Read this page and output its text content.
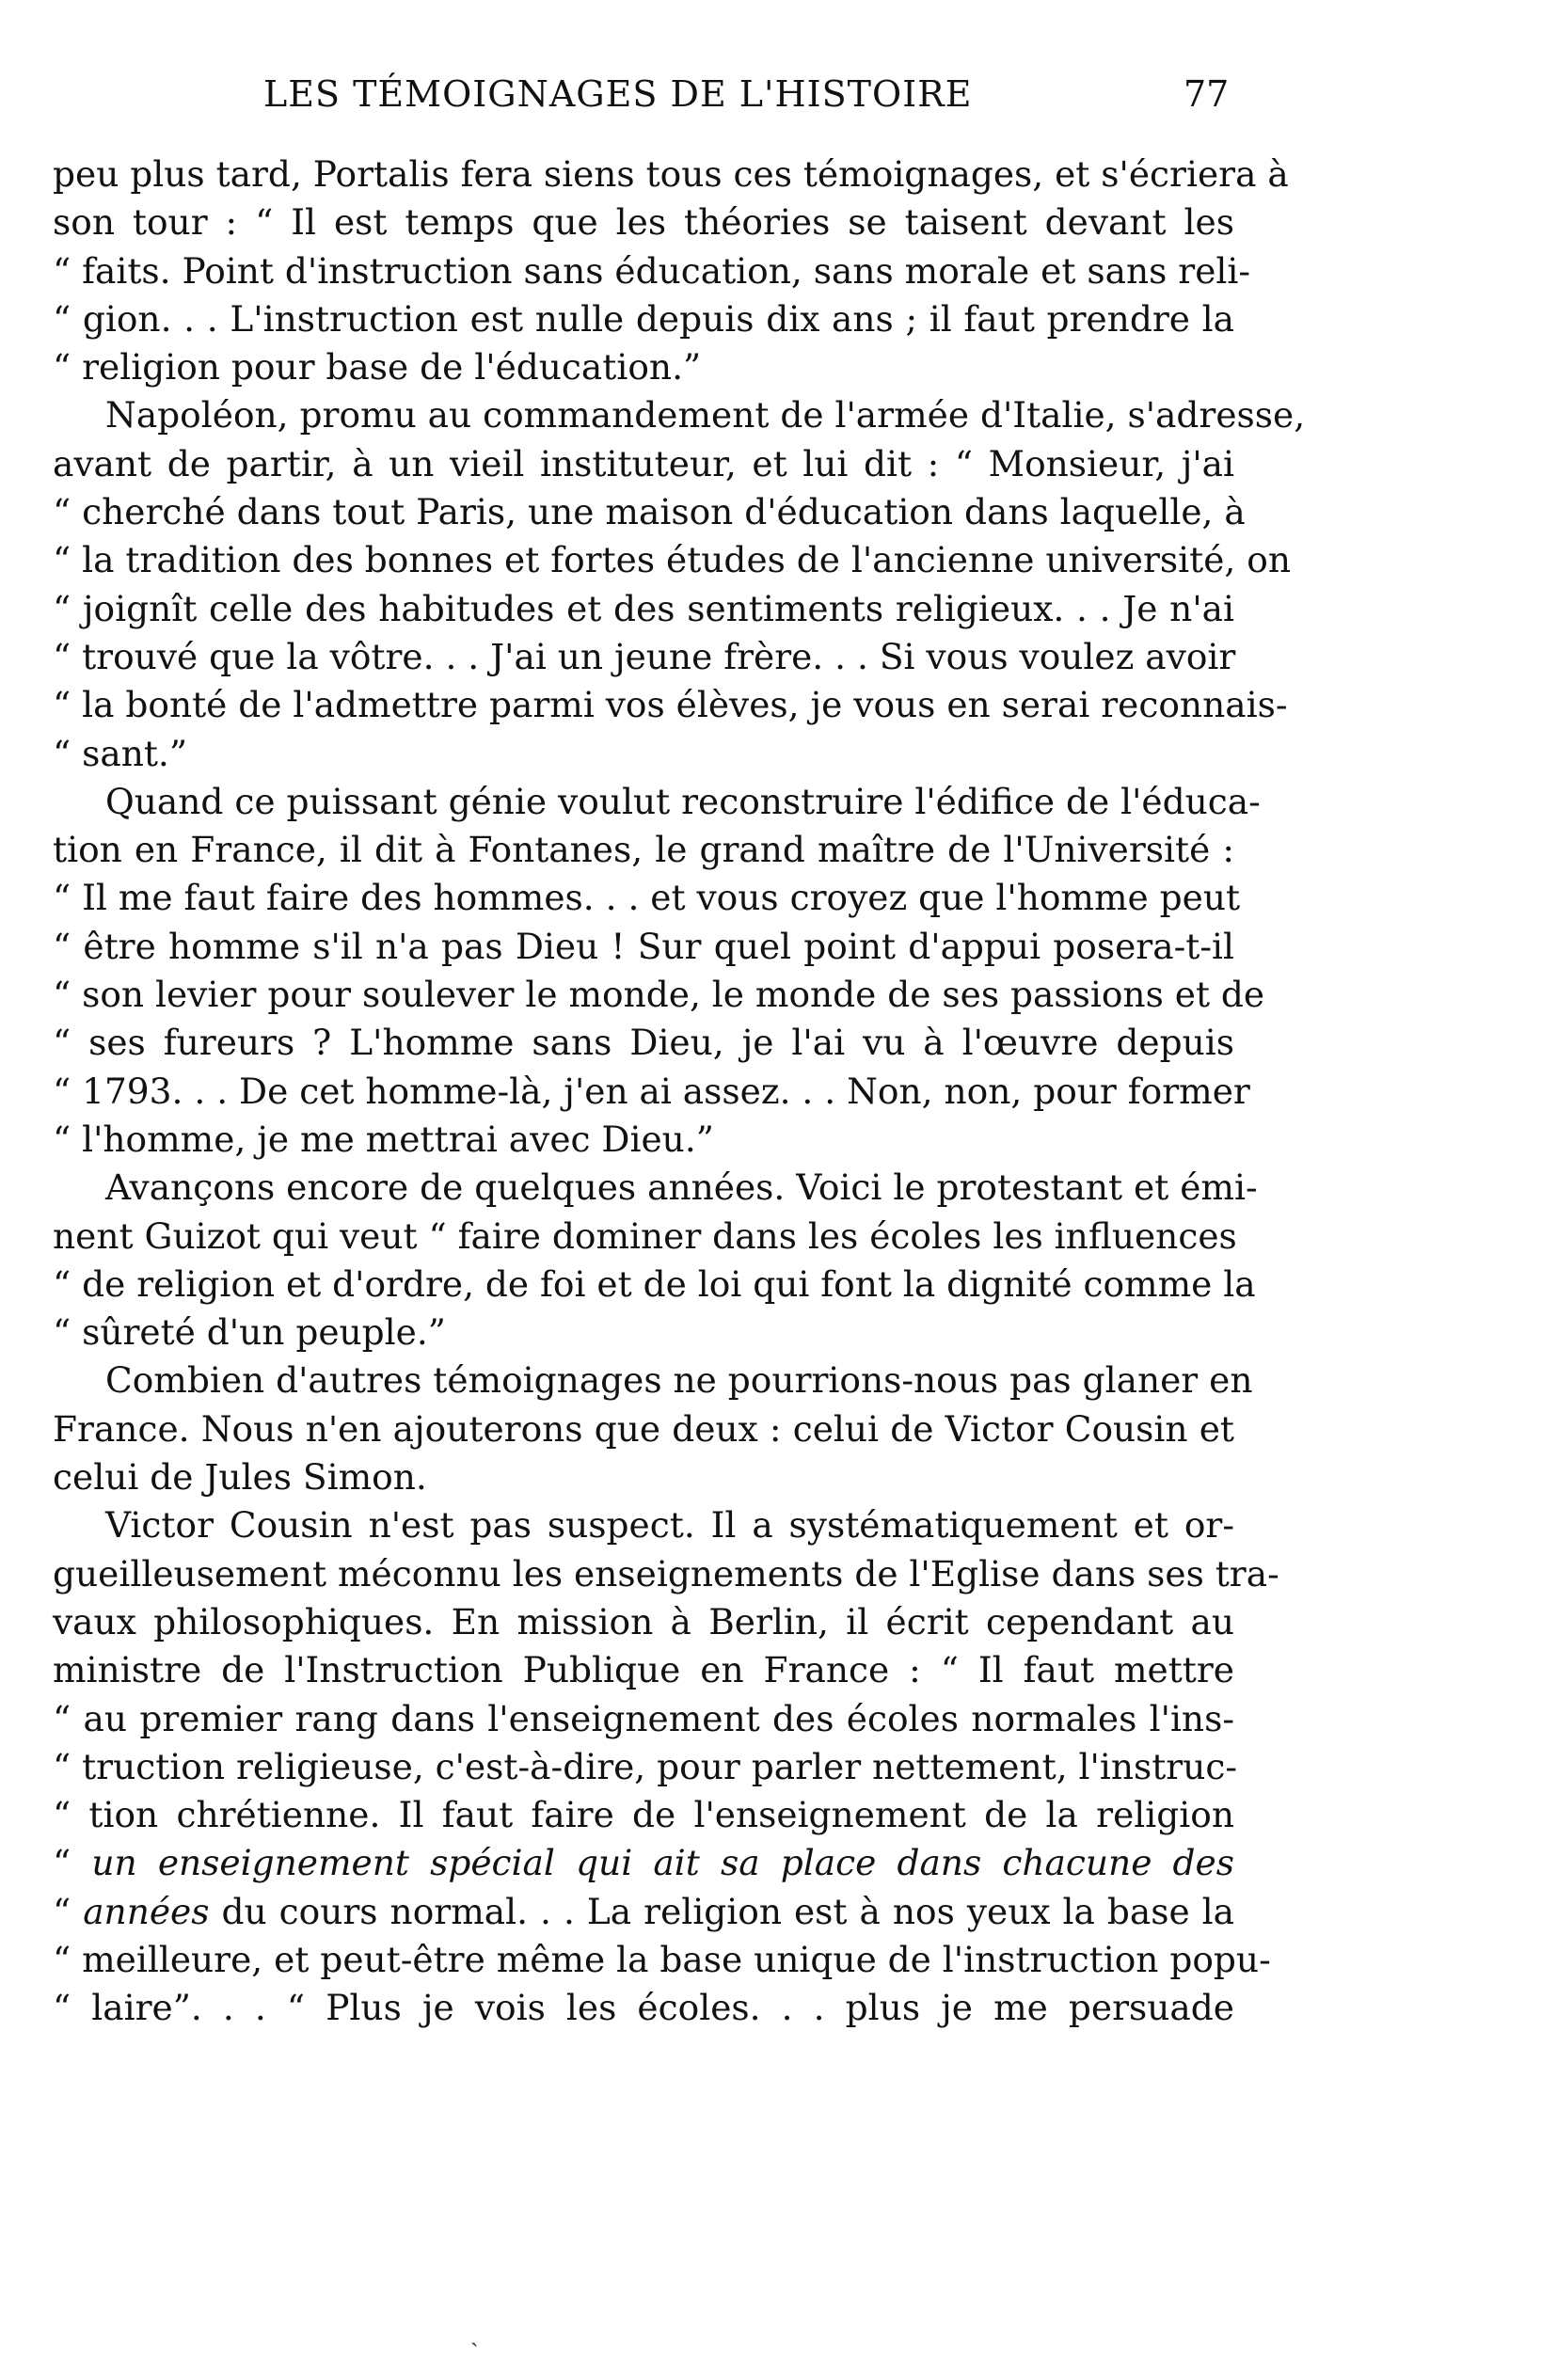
LES TÉMOIGNAGES DE L'HISTOIRE	77
peu plus tard, Portalis fera siens tous ces témoignages, et s'écriera à
son tour : “ Il est temps que les théories se taisent devant les
“ faits. Point d'instruction sans éducation, sans morale et sans reli-
“ gion. . . L'instruction est nulle depuis dix ans ; il faut prendre la
“ religion pour base de l'éducation.”
Napoléon, promu au commandement de l'armée d'Italie, s'adresse,
avant de partir, à un vieil instituteur, et lui dit : “ Monsieur, j'ai
“ cherché dans tout Paris, une maison d'éducation dans laquelle, à
“ la tradition des bonnes et fortes études de l'ancienne université, on
“ joignît celle des habitudes et des sentiments religieux. . . Je n'ai
“ trouvé que la vôtre. . . J'ai un jeune frère. . . Si vous voulez avoir
“ la bonté de l'admettre parmi vos élèves, je vous en serai reconnais-
“ sant.”
Quand ce puissant génie voulut reconstruire l'édifice de l'éduca-
tion en France, il dit à Fontanes, le grand maître de l'Université :
“ Il me faut faire des hommes. . . et vous croyez que l'homme peut
“ être homme s'il n'a pas Dieu ! Sur quel point d'appui posera-t-il
“ son levier pour soulever le monde, le monde de ses passions et de
“ ses fureurs ? L'homme sans Dieu, je l'ai vu à l'œuvre depuis
“ 1793. . . De cet homme-là, j'en ai assez. . . Non, non, pour former
“ l'homme, je me mettrai avec Dieu.”
Avançons encore de quelques années. Voici le protestant et émi-
nent Guizot qui veut “ faire dominer dans les écoles les influences
“ de religion et d'ordre, de foi et de loi qui font la dignité comme la
“ sûreté d'un peuple.”
Combien d'autres témoignages ne pourrions-nous pas glaner en
France. Nous n'en ajouterons que deux : celui de Victor Cousin et
celui de Jules Simon.
Victor Cousin n'est pas suspect. Il a systématiquement et or-
gueilleusement méconnu les enseignements de l'Eglise dans ses tra-
vaux philosophiques. En mission à Berlin, il écrit cependant au
ministre de l'Instruction Publique en France : “ Il faut mettre
“ au premier rang dans l'enseignement des écoles normales l'ins-
“ truction religieuse, c'est-à-dire, pour parler nettement, l'instruc-
“ tion chrétienne. Il faut faire de l'enseignement de la religion
“ un enseignement spécial qui ait sa place dans chacune des
“ années du cours normal. . . La religion est à nos yeux la base la
“ meilleure, et peut-être même la base unique de l'instruction popu-
“ laire”. . . “ Plus je vois les écoles. . . plus je me persuade
ˎ
